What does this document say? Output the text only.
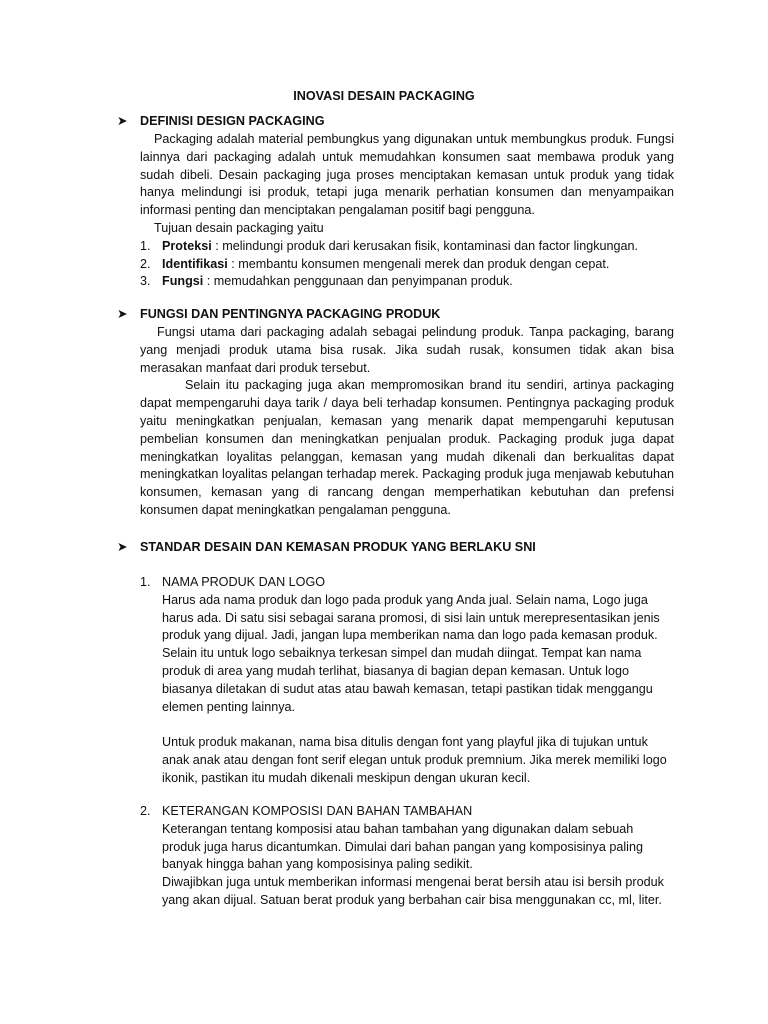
INOVASI DESAIN PACKAGING
➤ DEFINISI DESIGN PACKAGING
Packaging adalah material pembungkus yang digunakan untuk membungkus produk. Fungsi lainnya dari packaging adalah untuk memudahkan konsumen saat membawa produk yang sudah dibeli. Desain packaging juga proses menciptakan kemasan untuk produk yang tidak hanya melindungi isi produk, tetapi juga menarik perhatian konsumen dan menyampaikan informasi penting dan menciptakan pengalaman positif bagi pengguna.
Tujuan desain packaging yaitu
1. Proteksi : melindungi produk dari kerusakan fisik, kontaminasi dan factor lingkungan.
2. Identifikasi : membantu konsumen mengenali merek dan produk dengan cepat.
3. Fungsi : memudahkan penggunaan dan penyimpanan produk.
➤ FUNGSI DAN PENTINGNYA PACKAGING PRODUK
Fungsi utama dari packaging adalah sebagai pelindung produk. Tanpa packaging, barang yang menjadi produk utama bisa rusak. Jika sudah rusak, konsumen tidak akan bisa merasakan manfaat dari produk tersebut.
Selain itu packaging juga akan mempromosikan brand itu sendiri, artinya packaging dapat mempengaruhi daya tarik / daya beli terhadap konsumen. Pentingnya packaging produk yaitu meningkatkan penjualan, kemasan yang menarik dapat mempengaruhi keputusan pembelian konsumen dan meningkatkan penjualan produk. Packaging produk juga dapat meningkatkan loyalitas pelanggan, kemasan yang mudah dikenali dan berkualitas dapat meningkatkan loyalitas pelangan terhadap merek. Packaging produk juga menjawab kebutuhan konsumen, kemasan yang di rancang dengan memperhatikan kebutuhan dan prefensi konsumen dapat meningkatkan pengalaman pengguna.
➤ STANDAR DESAIN DAN KEMASAN PRODUK YANG BERLAKU SNI
1. NAMA PRODUK DAN LOGO
Harus ada nama produk dan logo pada produk yang Anda jual. Selain nama, Logo juga harus ada. Di satu sisi sebagai sarana promosi, di sisi lain untuk merepresentasikan jenis produk yang dijual. Jadi, jangan lupa memberikan nama dan logo pada kemasan produk. Selain itu untuk logo sebaiknya terkesan simpel dan mudah diingat. Tempat kan nama produk di area yang mudah terlihat, biasanya di bagian depan kemasan. Untuk logo biasanya diletakan di sudut atas atau bawah kemasan, tetapi pastikan tidak menggangu elemen penting lainnya.
Untuk produk makanan, nama bisa ditulis dengan font yang playful jika di tujukan untuk anak anak atau dengan font serif elegan untuk produk premnium. Jika merek memiliki logo ikonik, pastikan itu mudah dikenali meskipun dengan ukuran kecil.
2. KETERANGAN KOMPOSISI DAN BAHAN TAMBAHAN
Keterangan tentang komposisi atau bahan tambahan yang digunakan dalam sebuah produk juga harus dicantumkan. Dimulai dari bahan pangan yang komposisinya paling banyak hingga bahan yang komposisinya paling sedikit.
Diwajibkan juga untuk memberikan informasi mengenai berat bersih atau isi bersih produk yang akan dijual. Satuan berat produk yang berbahan cair bisa menggunakan cc, ml, liter.
